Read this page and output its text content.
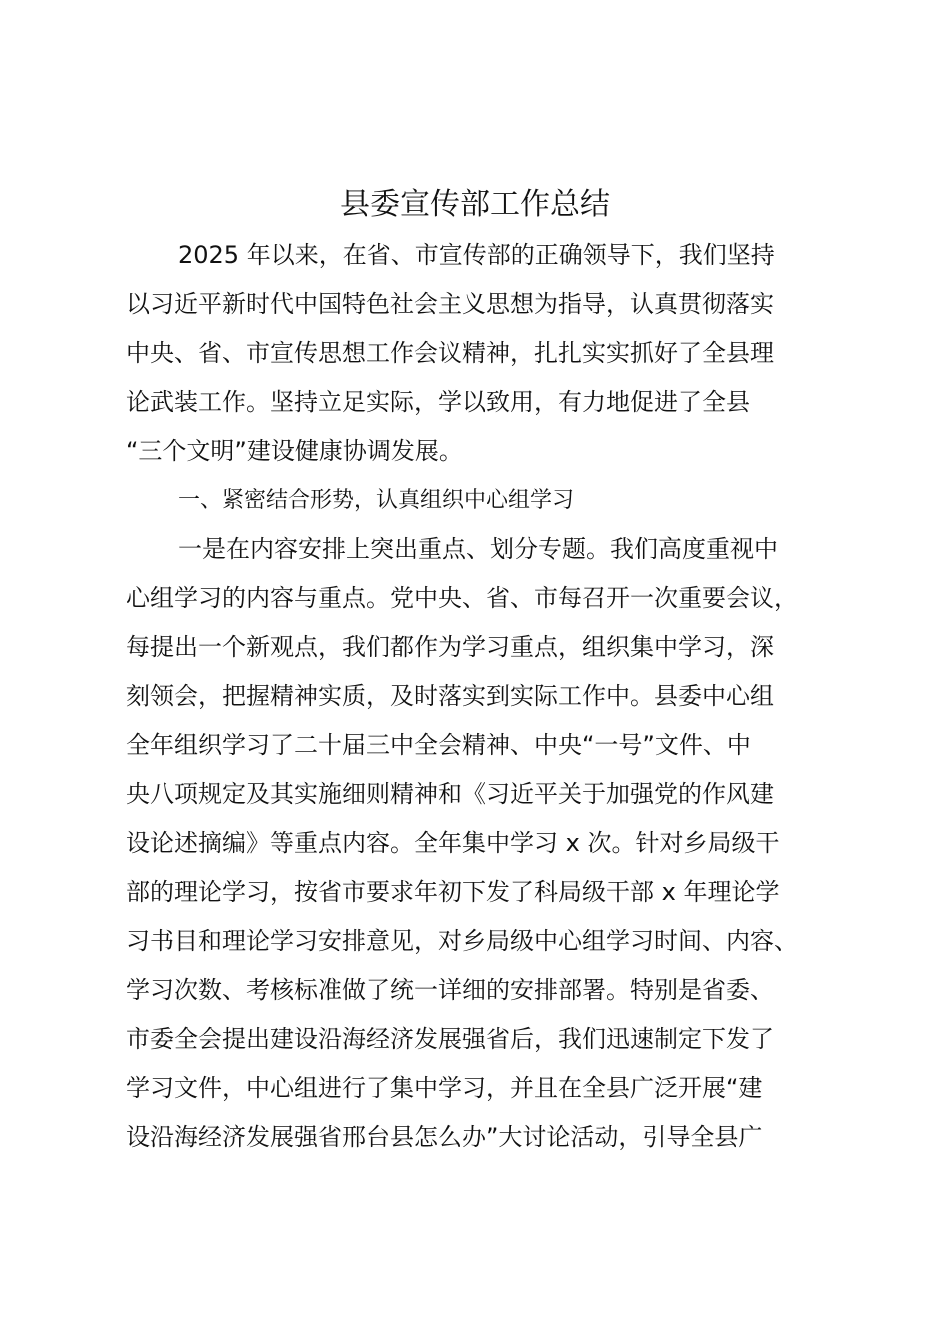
县委宣传部工作总结
2025 年以来，在省、市宣传部的正确领导下，我们坚持
以习近平新时代中国特色社会主义思想为指导，认真贯彻落实
中央、省、市宣传思想工作会议精神，扎扎实实抓好了全县理
论武装工作。坚持立足实际，学以致用，有力地促进了全县
“三个文明”建设健康协调发展。
一、紧密结合形势，认真组织中心组学习
一是在内容安排上突出重点、划分专题。我们高度重视中
心组学习的内容与重点。党中央、省、市每召开一次重要会议，
每提出一个新观点，我们都作为学习重点，组织集中学习，深
刻领会，把握精神实质，及时落实到实际工作中。县委中心组
全年组织学习了二十届三中全会精神、中央“一号”文件、中
央八项规定及其实施细则精神和《习近平关于加强党的作风建
设论述摘编》等重点内容。全年集中学习 x 次。针对乡局级干
部的理论学习，按省市要求年初下发了科局级干部 x 年理论学
习书目和理论学习安排意见，对乡局级中心组学习时间、内容、
学习次数、考核标准做了统一详细的安排部署。特别是省委、
市委全会提出建设沿海经济发展强省后，我们迅速制定下发了
学习文件，中心组进行了集中学习，并且在全县广泛开展“建
设沿海经济发展强省邢台县怎么办”大讨论活动，引导全县广
